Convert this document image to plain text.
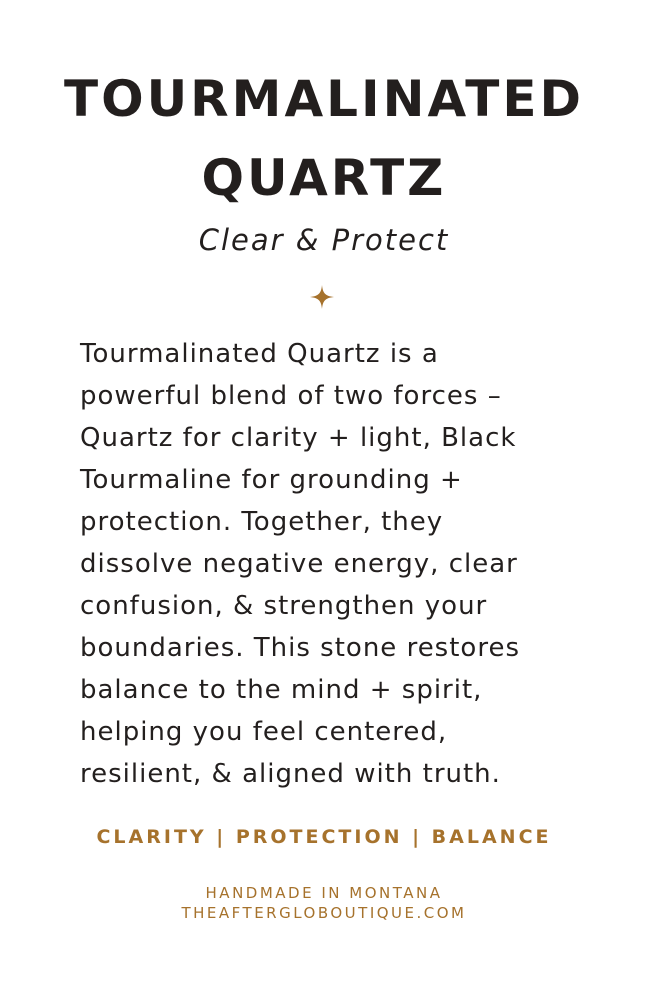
TOURMALINATED
QUARTZ
Clear & Protect

Tourmalinated Quartz is a
powerful blend of two forces –
Quartz for clarity + light, Black
Tourmaline for grounding +
protection. Together, they
dissolve negative energy, clear
confusion, & strengthen your
boundaries. This stone restores
balance to the mind + spirit,
helping you feel centered,
resilient, & aligned with truth.

CLARITY | PROTECTION | BALANCE
HANDMADE IN MONTANA
THEAFTERGLOBOUTIQUE.COM
